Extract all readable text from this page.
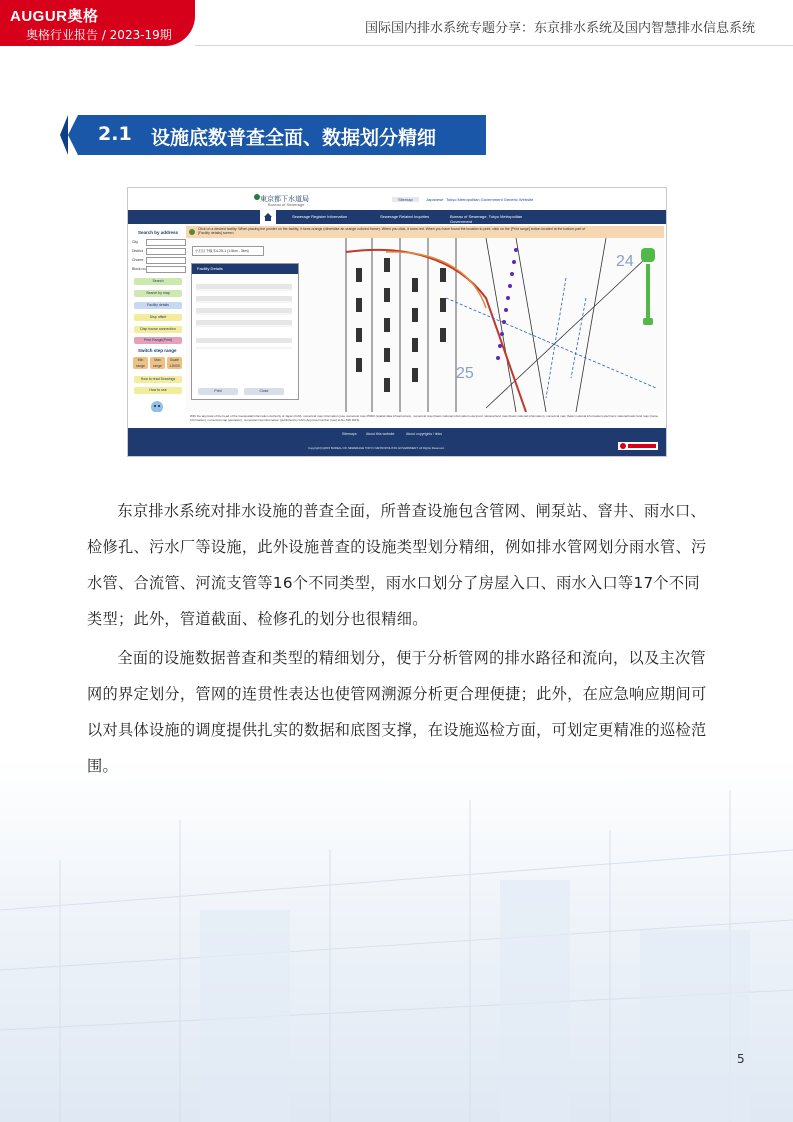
AUGUR奥格
奥格行业报告 / 2023-19期	国际国内排水系统专题分享：东京排水系统及国内智慧排水信息系统
2.1 设施底数普查全面、数据划分精细
東京都下水道局
Bureau of Sewerage
Sitemap	Japanese Tokyo Metropolitan Government Generic Website
Sewerage Register Information	Sewerage Related Inquiries	Bureau of Sewerage, Tokyo Metropolitan Government
Click on a desired facility. When placing the pointer on the facility, it turns orange (otherwise an orange colored frame). When you click, it turns red. When you have found the location to print, click on the [Print range] button located at the bottom-part of [Facility details] screen.
Search by address
City
District
Chome
Block no.
Search
Search by map
Facility details
Disp offset
Disp house connection
Print Range(Print)
Switch step range
Min range
Max range
Scale 1:5000
How to read Drawings
How to use
24
25
小石区千駄木4-25-1 (1:5km - 3km)
Facility Details
Print	Close
With the approval of the head of the Geospatial Information Authority of Japan (GSI), numerical map information (use numerical map 25000 (spatial data infrastructure), numerical map (basic national information) electronic national land map (basic national information), numerical map (basic national information) electronic national basic land map (name information), numerical map (elevation), numerical map information (published by GSI) (Approval number (use) H-No.538 2015).
Sitemaps	About this website	About copyrights / links
Copyright(C)2015 BUREAU OF SEWERAGE TOKYO METROPOLITAN GOVERNMENT. All Rights Reserved.

东京排水系统对排水设施的普查全面，所普查设施包含管网、闸泵站、窨井、雨水口、检修孔、污水厂等设施，此外设施普查的设施类型划分精细，例如排水管网划分雨水管、污水管、合流管、河流支管等16个不同类型，雨水口划分了房屋入口、雨水入口等17个不同类型；此外，管道截面、检修孔的划分也很精细。

全面的设施数据普查和类型的精细划分，便于分析管网的排水路径和流向，以及主次管网的界定划分，管网的连贯性表达也使管网溯源分析更合理便捷；此外，在应急响应期间可以对具体设施的调度提供扎实的数据和底图支撑，在设施巡检方面，可划定更精准的巡检范围。

5
